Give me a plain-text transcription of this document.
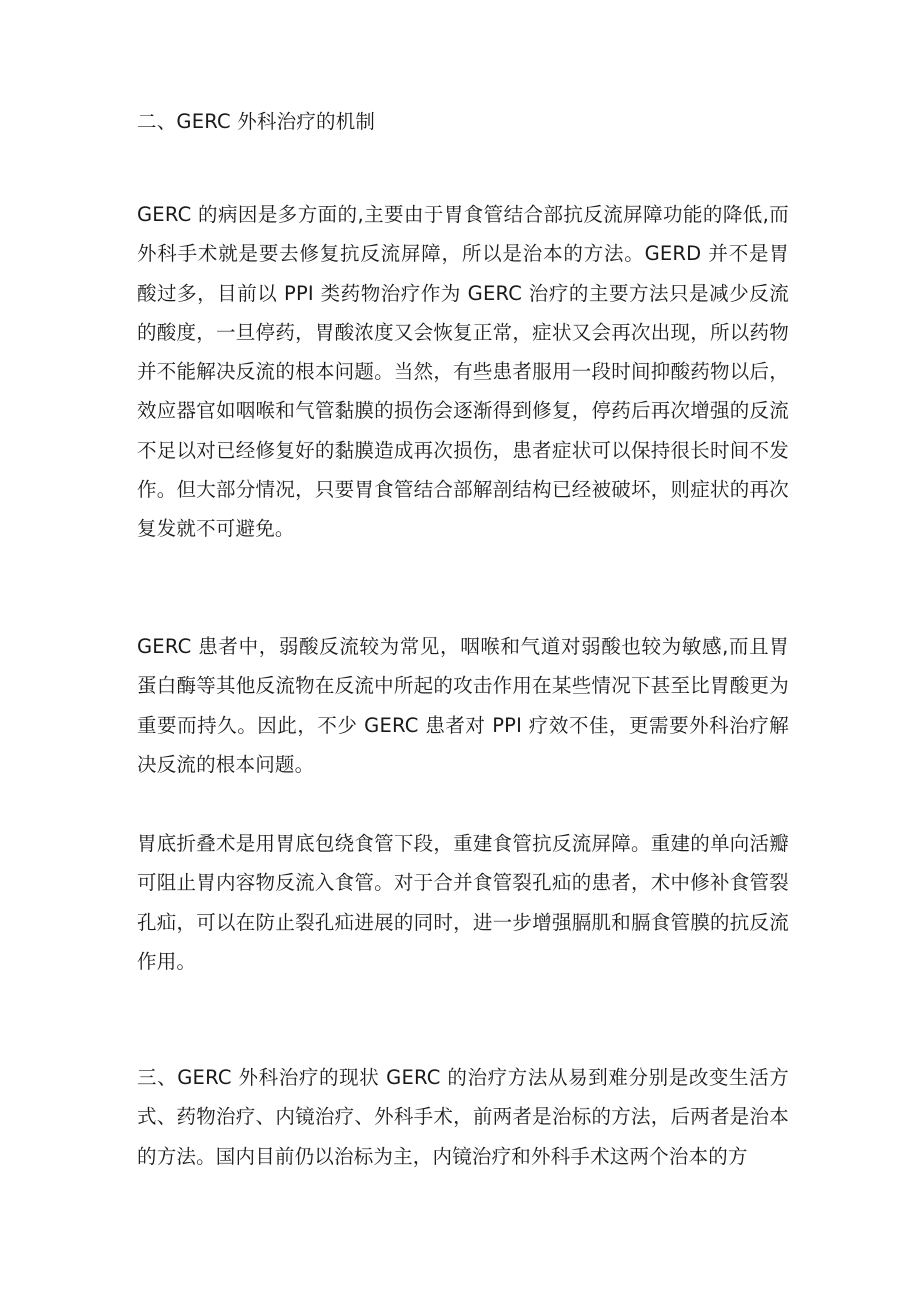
二、GERC 外科治疗的机制

GERC 的病因是多方面的,主要由于胃食管结合部抗反流屏障功能的降低,而外科手术就是要去修复抗反流屏障，所以是治本的方法。GERD 并不是胃酸过多，目前以 PPI 类药物治疗作为 GERC 治疗的主要方法只是减少反流的酸度，一旦停药，胃酸浓度又会恢复正常，症状又会再次出现，所以药物并不能解决反流的根本问题。当然，有些患者服用一段时间抑酸药物以后，效应器官如咽喉和气管黏膜的损伤会逐渐得到修复，停药后再次增强的反流不足以对已经修复好的黏膜造成再次损伤，患者症状可以保持很长时间不发作。但大部分情况，只要胃食管结合部解剖结构已经被破坏，则症状的再次复发就不可避免。

GERC 患者中，弱酸反流较为常见，咽喉和气道对弱酸也较为敏感,而且胃蛋白酶等其他反流物在反流中所起的攻击作用在某些情况下甚至比胃酸更为重要而持久。因此，不少 GERC 患者对 PPI 疗效不佳，更需要外科治疗解决反流的根本问题。

胃底折叠术是用胃底包绕食管下段，重建食管抗反流屏障。重建的单向活瓣可阻止胃内容物反流入食管。对于合并食管裂孔疝的患者，术中修补食管裂孔疝，可以在防止裂孔疝进展的同时，进一步增强膈肌和膈食管膜的抗反流作用。

三、GERC 外科治疗的现状 GERC 的治疗方法从易到难分别是改变生活方式、药物治疗、内镜治疗、外科手术，前两者是治标的方法，后两者是治本的方法。国内目前仍以治标为主，内镜治疗和外科手术这两个治本的方
